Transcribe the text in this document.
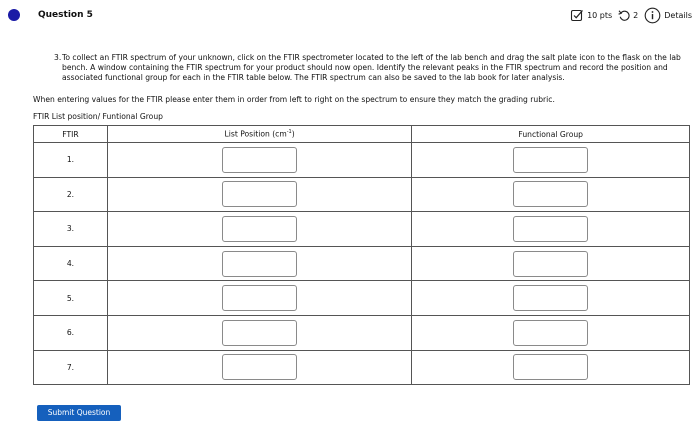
Question 5	10 pts	2	Details
3. To collect an FTIR spectrum of your unknown, click on the FTIR spectrometer located to the left of the lab bench and drag the salt plate icon to the flask on the lab bench. A window containing the FTIR spectrum for your product should now open. Identify the relevant peaks in the FTIR spectrum and record the position and associated functional group for each in the FTIR table below. The FTIR spectrum can also be saved to the lab book for later analysis.
When entering values for the FTIR please enter them in order from left to right on the spectrum to ensure they match the grading rubric.
FTIR List position/ Funtional Group
FTIR	List Position $(cm^{-1})$	Functional Group
1.	

2.	

3.	

4.	

5.	

6.	

7.	

Submit Question
